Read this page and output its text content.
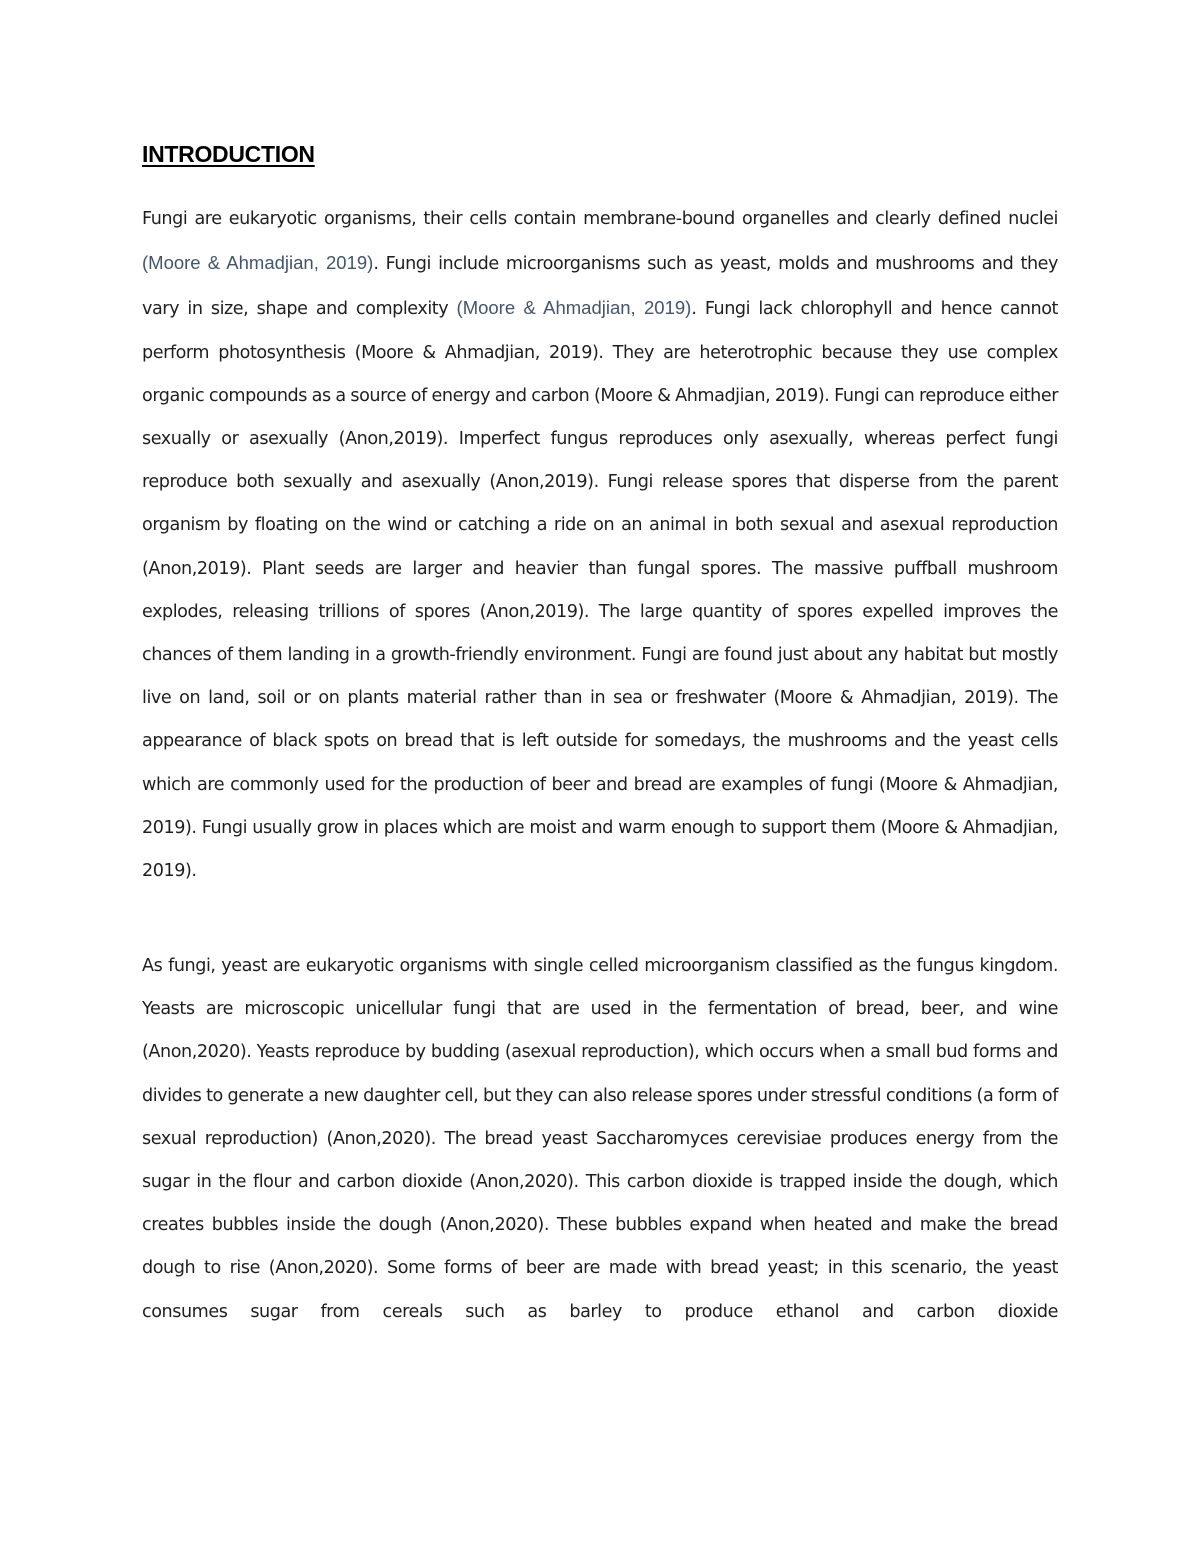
INTRODUCTION

Fungi are eukaryotic organisms, their cells contain membrane-bound organelles and clearly defined nuclei (Moore & Ahmadjian, 2019). Fungi include microorganisms such as yeast, molds and mushrooms and they vary in size, shape and complexity (Moore & Ahmadjian, 2019). Fungi lack chlorophyll and hence cannot perform photosynthesis (Moore & Ahmadjian, 2019). They are heterotrophic because they use complex organic compounds as a source of energy and carbon (Moore & Ahmadjian, 2019). Fungi can reproduce either sexually or asexually (Anon,2019). Imperfect fungus reproduces only asexually, whereas perfect fungi reproduce both sexually and asexually (Anon,2019). Fungi release spores that disperse from the parent organism by floating on the wind or catching a ride on an animal in both sexual and asexual reproduction (Anon,2019). Plant seeds are larger and heavier than fungal spores. The massive puffball mushroom explodes, releasing trillions of spores (Anon,2019). The large quantity of spores expelled improves the chances of them landing in a growth-friendly environment. Fungi are found just about any habitat but mostly live on land, soil or on plants material rather than in sea or freshwater (Moore & Ahmadjian, 2019). The appearance of black spots on bread that is left outside for somedays, the mushrooms and the yeast cells which are commonly used for the production of beer and bread are examples of fungi (Moore & Ahmadjian, 2019). Fungi usually grow in places which are moist and warm enough to support them (Moore & Ahmadjian, 2019).

As fungi, yeast are eukaryotic organisms with single celled microorganism classified as the fungus kingdom. Yeasts are microscopic unicellular fungi that are used in the fermentation of bread, beer, and wine (Anon,2020). Yeasts reproduce by budding (asexual reproduction), which occurs when a small bud forms and divides to generate a new daughter cell, but they can also release spores under stressful conditions (a form of sexual reproduction) (Anon,2020). The bread yeast Saccharomyces cerevisiae produces energy from the sugar in the flour and carbon dioxide (Anon,2020). This carbon dioxide is trapped inside the dough, which creates bubbles inside the dough (Anon,2020). These bubbles expand when heated and make the bread dough to rise (Anon,2020). Some forms of beer are made with bread yeast; in this scenario, the yeast consumes sugar from cereals such as barley to produce ethanol and carbon dioxide
